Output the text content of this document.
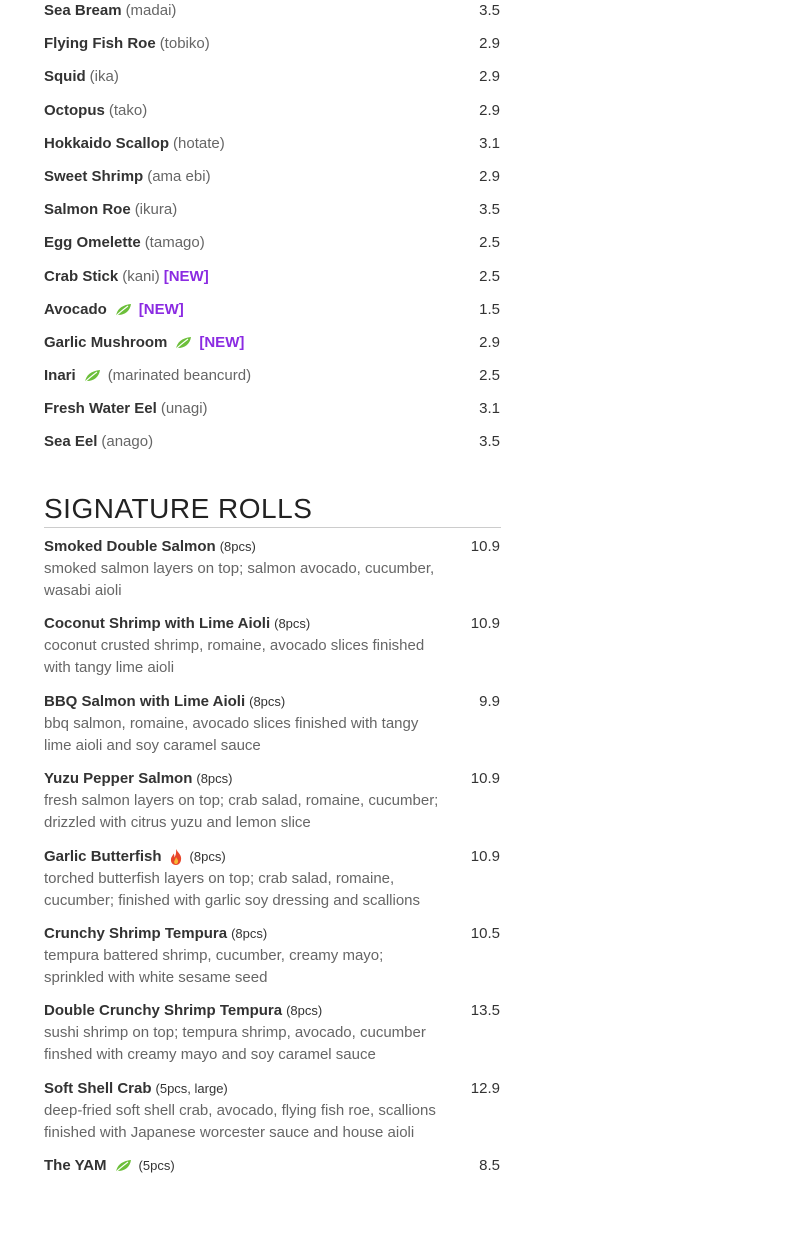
Sea Bream (madai)	3.5
Flying Fish Roe (tobiko)	2.9
Squid (ika)	2.9
Octopus (tako)	2.9
Hokkaido Scallop (hotate)	3.1
Sweet Shrimp (ama ebi)	2.9
Salmon Roe (ikura)	3.5
Egg Omelette (tamago)	2.5
Crab Stick (kani) [NEW]	2.5
Avocado [NEW]	1.5
Garlic Mushroom [NEW]	2.9
Inari (marinated beancurd)	2.5
Fresh Water Eel (unagi)	3.1
Sea Eel (anago)	3.5
SIGNATURE ROLLS
Smoked Double Salmon (8pcs)	10.9
smoked salmon layers on top; salmon avocado, cucumber,
wasabi aioli
Coconut Shrimp with Lime Aioli (8pcs)	10.9
coconut crusted shrimp, romaine, avocado slices finished
with tangy lime aioli
BBQ Salmon with Lime Aioli (8pcs)	9.9
bbq salmon, romaine, avocado slices finished with tangy
lime aioli and soy caramel sauce
Yuzu Pepper Salmon (8pcs)	10.9
fresh salmon layers on top; crab salad, romaine, cucumber;
drizzled with citrus yuzu and lemon slice
Garlic Butterfish (8pcs)	10.9
torched butterfish layers on top; crab salad, romaine,
cucumber; finished with garlic soy dressing and scallions
Crunchy Shrimp Tempura (8pcs)	10.5
tempura battered shrimp, cucumber, creamy mayo;
sprinkled with white sesame seed
Double Crunchy Shrimp Tempura (8pcs)	13.5
sushi shrimp on top; tempura shrimp, avocado, cucumber
finshed with creamy mayo and soy caramel sauce
Soft Shell Crab (5pcs, large)	12.9
deep-fried soft shell crab, avocado, flying fish roe, scallions
finished with Japanese worcester sauce and house aioli
The YAM (5pcs)	8.5
